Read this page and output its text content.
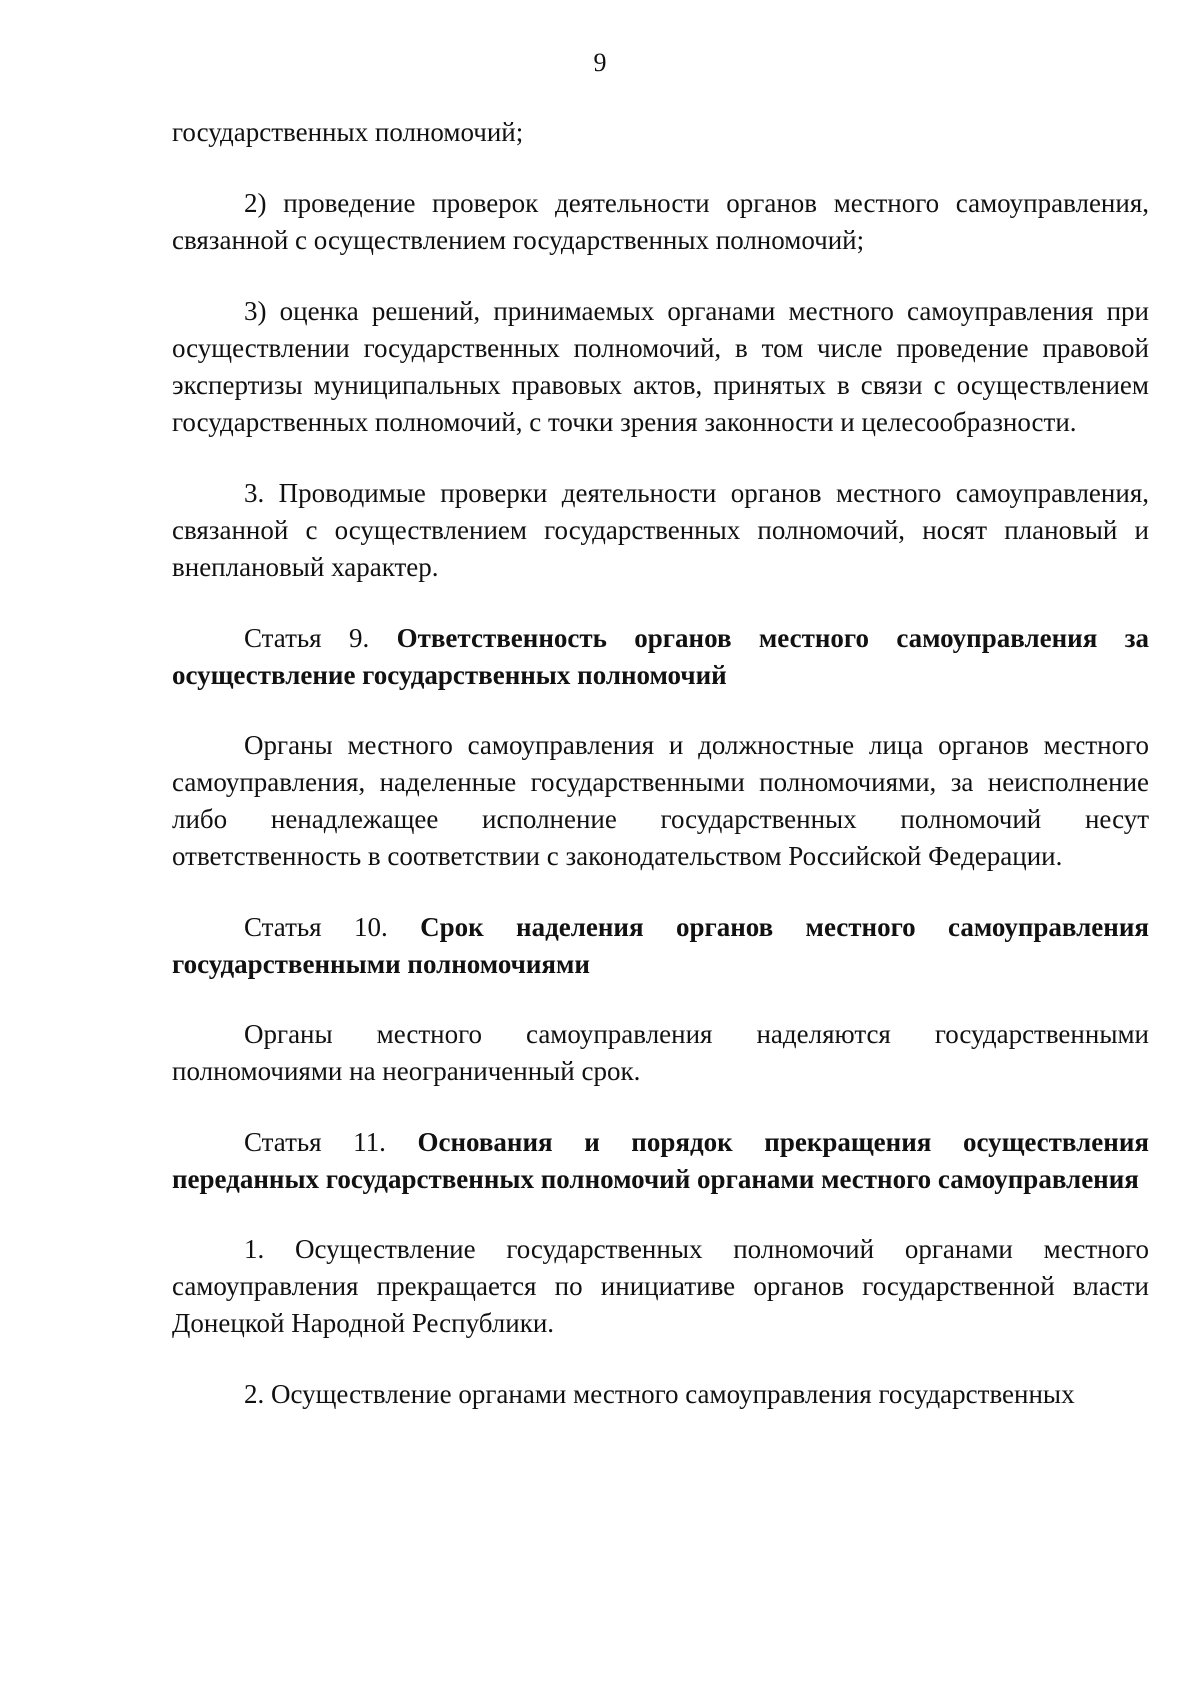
9

государственных полномочий;

2) проведение проверок деятельности органов местного самоуправления, связанной с осуществлением государственных полномочий;

3) оценка решений, принимаемых органами местного самоуправления при осуществлении государственных полномочий, в том числе проведение правовой экспертизы муниципальных правовых актов, принятых в связи с осуществлением государственных полномочий, с точки зрения законности и целесообразности.

3. Проводимые проверки деятельности органов местного самоуправления, связанной с осуществлением государственных полномочий, носят плановый и внеплановый характер.

Статья 9. Ответственность органов местного самоуправления за осуществление государственных полномочий

Органы местного самоуправления и должностные лица органов местного самоуправления, наделенные государственными полномочиями, за неисполнение либо ненадлежащее исполнение государственных полномочий несут ответственность в соответствии с законодательством Российской Федерации.

Статья 10. Срок наделения органов местного самоуправления государственными полномочиями

Органы местного самоуправления наделяются государственными полномочиями на неограниченный срок.

Статья 11. Основания и порядок прекращения осуществления переданных государственных полномочий органами местного самоуправления

1. Осуществление государственных полномочий органами местного самоуправления прекращается по инициативе органов государственной власти Донецкой Народной Республики.

2. Осуществление органами местного самоуправления государственных
